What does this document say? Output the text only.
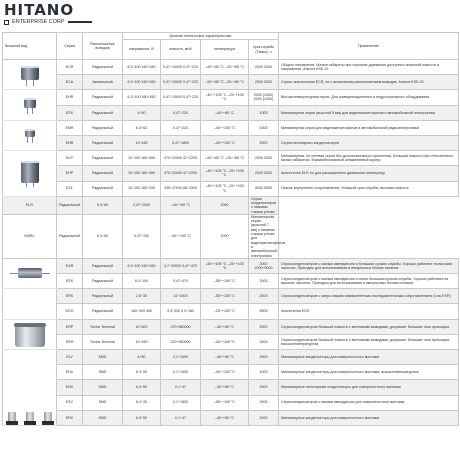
HITANO
ENTERPRISE CORP
Внешний вид	Серия	Расположение выводов	Краткие технические характеристики				Применение
			напряжение, В	емкость, мкФ	температура	срок службы (Тмакс), ч	

	ECR	Радиальный	6,3÷100 160÷450	0,47÷10000 0,47÷220	–40÷+85 °C –25÷+85 °C	2000 2000	Общего назначения. Малые габариты при хорошем диапазоне доступных значений емкости и напряжения. Аналог KSE-23
	ECA	Аксиальный	6,3÷100 160÷450	0,47÷10000 0,47÷220	–40÷+85 °C –25÷+85 °C	2000 2000	Серия, аналогичная ECR, но с аксиальным расположением выводов. Аналог KSE-24

	EHR	Радиальный	6,3÷100 160÷450	0,47÷10000 0,47÷220	–40÷+105 °C –25÷+105 °C	2000 (1000) 2000 (1000)	Высокотемпературная серия. Для коммуникационного и индустриального оборудования
	ESX	Радиальный	4÷50	0,47÷220	–40÷+85 °C	1000	Миниатюрная серия (высотой 5 мм) для видеомагнитофонов и автомобильной электроники

	EMR	Радиальный	6,3÷63	0,47÷220	–40÷+105 °C	1000	Миниатюрная серия для видеомагнитофонов и автомобильной радиоэлектроники
	ENR	Радиальный	10÷160	0,47÷1800	–40÷+105 °C	2000	Серия неполярных конденсаторов

	ELP	Радиальный	10÷100 160÷450	470÷22000 47÷2200	–40÷+85 °C –25÷+85 °C	2000 2000	Миниатюрная, но сетевая серия без допологательного крепления. Большая емкость при относительно малых габаритах. Взрывобезопасный алюминиевый корпус
	EHP	Радиальный	10÷100 160÷450	470÷22000 47÷2200	–40÷+105 °C –25÷+105 °C	2000 2000	Аналогична ELP, но для расширенного диапазона температур
	EXL	Радиальный	10÷100 160÷250	330÷47000 68÷1500	–40÷+105 °C –25÷+105 °C	5000 5000	Низкое внутреннее сопротивление, большой срок службы, высокая емкость
ELR	Радиальный	6,3÷63	0,47÷1000	–40÷+85 °C	2000	Серия конденсаторов с низкими токами утечки	
EMRL	Радиальный	6,3÷63	0,47÷100	–40÷+105 °C	1000	Миниатюрная серия (высотой 7 мм) с низкими токами утечки для видеомагнитофонов и автомобильной электроники	

	EXR	Радиальный	6,3÷100 160÷450	4,7÷33000 0,47÷470	–55÷+105 °C –25÷+105 °C	2000 2000÷5000	Серия конденсаторов с малым импедансом и большим сроком службы. Хорошо работают на высоких частотах. Пригодны для использования в импульсных блоках питания
	ESX	Радиальный	6,3÷100	0,47÷470	–55÷+105 °C	2000	Серия конденсаторов с малым импедансом и очень большим сроком службы. Хорошо работают на высоких частотах. Пригодны для использования в импульсных блоках питания
	ERS	Радиальный	2,5÷35	22÷1000	–55÷+105 °C	2000	Серия конденсаторов с сверх-низким эквивалентным последовательным сопротивлением (Low ESR)
	EGG	Радиальный	160÷400 450	3,3÷330 3,3÷180	–25÷+105 °C	5000	Аналогична EGS

	ERP	Screw Terminal	10÷500	270÷680000	–40÷+85 °C	2000	Серия конденсаторов большой емкости с винтовыми выводами, допускает большие токи пульсации
	ERH	Screw Terminal	10÷450	220÷560000	–40÷+105 °C	2000	Серия конденсаторов большой емкости с винтовыми выводами, допускает большие токи пульсации, высокотемпературная

	ELV	SMD	4÷50	0,1÷1500	–40÷+85 °C	2000	Миниатюрные конденсаторы для поверхностного монтажа
	EHV	SMD	6,3÷50	0,1÷1000	–40÷+105 °C	1000	Миниатюрные конденсаторы для поверхностного монтажа, высокотемпературные
	ENV	SMD	6,3÷50	0,1÷47	–40÷+85 °C	2000	Миниатюрные неполярные конденсаторы для поверхностного монтажа
	EZV	SMD	6,3÷35	0,1÷1800	–55÷+105 °C	2000	Серия конденсаторов с малым импедансом для поверхностного монтажа
	ERV	SMD	6,3÷50	0,1÷47	–40÷+85 °C	2000	Миниатюрные конденсаторы для поверхностного монтажа
